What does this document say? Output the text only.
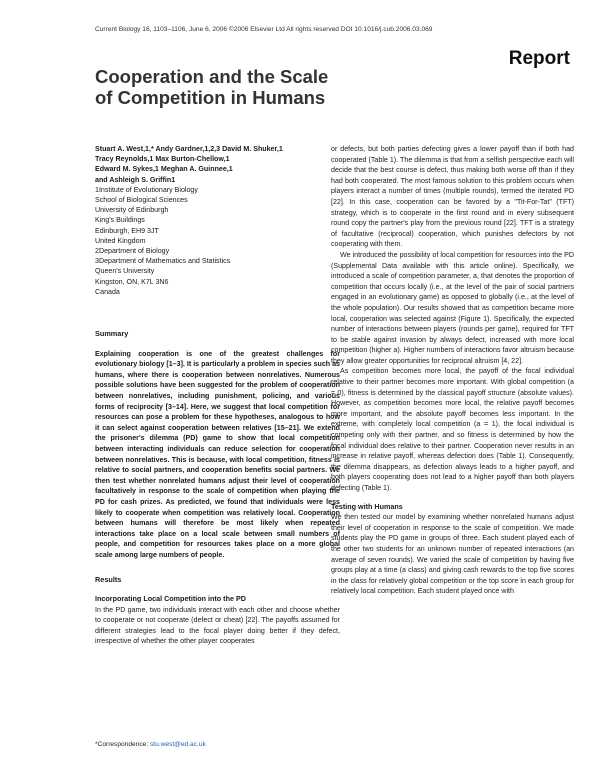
Current Biology 16, 1103–1106, June 6, 2006 ©2006 Elsevier Ltd All rights reserved DOI 10.1016/j.cub.2006.03.069
Report
Cooperation and the Scale
of Competition in Humans
Stuart A. West,1,* Andy Gardner,1,2,3 David M. Shuker,1
Tracy Reynolds,1 Max Burton-Chellow,1
Edward M. Sykes,1 Meghan A. Guinnee,1
and Ashleigh S. Griffin1
1Institute of Evolutionary Biology
School of Biological Sciences
University of Edinburgh
King's Buildings
Edinburgh, EH9 3JT
United Kingdom
2Department of Biology
3Department of Mathematics and Statistics
Queen's University
Kingston, ON, K7L 3N6
Canada
Summary

Explaining cooperation is one of the greatest challenges for evolutionary biology [1–3]. It is particularly a problem in species such as humans, where there is cooperation between nonrelatives. Numerous possible solutions have been suggested for the problem of cooperation between nonrelatives, including punishment, policing, and various forms of reciprocity [3–14]. Here, we suggest that local competition for resources can pose a problem for these hypotheses, analogous to how it can select against cooperation between relatives [15–21]. We extend the prisoner's dilemma (PD) game to show that local competition between interacting individuals can reduce selection for cooperation between nonrelatives. This is because, with local competition, fitness is relative to social partners, and cooperation benefits social partners. We then test whether nonrelated humans adjust their level of cooperation facultatively in response to the scale of competition when playing the PD for cash prizes. As predicted, we found that individuals were less likely to cooperate when competition was relatively local. Cooperation between humans will therefore be most likely when repeated interactions take place on a local scale between small numbers of people, and competition for resources takes place on a more global scale among large numbers of people.

Results
Incorporating Local Competition into the PD

In the PD game, two individuals interact with each other and choose whether to cooperate or not cooperate (defect or cheat) [22]. The payoffs assumed for different strategies lead to the focal player doing better if they defect, irrespective of whether the other player cooperates

or defects, but both parties defecting gives a lower payoff than if both had cooperated (Table 1). The dilemma is that from a selfish perspective each will decide that the best course is defect, thus making both worse off than if they had both cooperated. The most famous solution to this problem occurs when players interact a number of times (multiple rounds), termed the iterated PD [22]. In this case, cooperation can be favored by a "Tit-For-Tat" (TFT) strategy, which is to cooperate in the first round and in every subsequent round copy the partner's play from the previous round [22]. TFT is a strategy of facultative (reciprocal) cooperation, which punishes defectors by not cooperating with them.

We introduced the possibility of local competition for resources into the PD (Supplemental Data available with this article online). Specifically, we introduced a scale of competition parameter, a, that denotes the proportion of competition that occurs locally (i.e., at the level of the pair of social partners engaged in an evolutionary game) as opposed to globally (i.e., at the level of the whole population). Our results showed that as competition became more local, cooperation was selected against (Figure 1). Specifically, the expected number of interactions between players (rounds per game), required for TFT to be stable against invasion by always defect, increased with more local competition (higher a). Higher numbers of interactions favor altruism because they allow greater opportunities for reciprocal altruism [4, 22].

As competition becomes more local, the payoff of the focal individual relative to their partner becomes more important. With global competition (a = 0), fitness is determined by the classical payoff structure (absolute values). However, as competition becomes more local, the relative payoff becomes more important, and the absolute payoff becomes less important. In the extreme, with completely local competition (a = 1), the focal individual is competing only with their partner, and so fitness is determined by how the focal individual does relative to their partner. Cooperation never results in an increase in relative payoff, whereas defection does (Table 1). Consequently, the dilemma disappears, as defection always leads to a higher payoff, and both players cooperating does not lead to a higher payoff than both players defecting (Table 1).

Testing with Humans

We then tested our model by examining whether nonrelated humans adjust their level of cooperation in response to the scale of competition. We made students play the PD game in groups of three. Each student played each of the other two students for an unknown number of repeated interactions (an average of seven rounds). We varied the scale of competition by having five groups play at a time (a class) and giving cash rewards to the top five scores in the class for relatively global competition or the top score in each group for relatively local competition. Each student played once with

*Correspondence: stu.west@ed.ac.uk
